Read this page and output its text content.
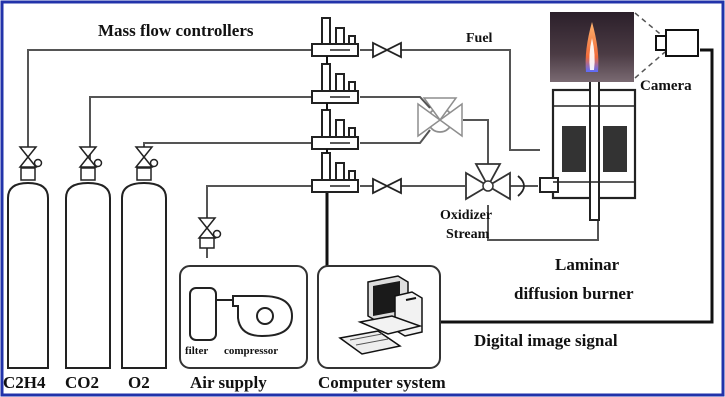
Mass flow controllers	Fuel
Camera
Oxidizer
Stream
Laminar
diffusion burner
Digital image signal
filter compressor
Air supply	Computer system
C2H4 CO2 O2
